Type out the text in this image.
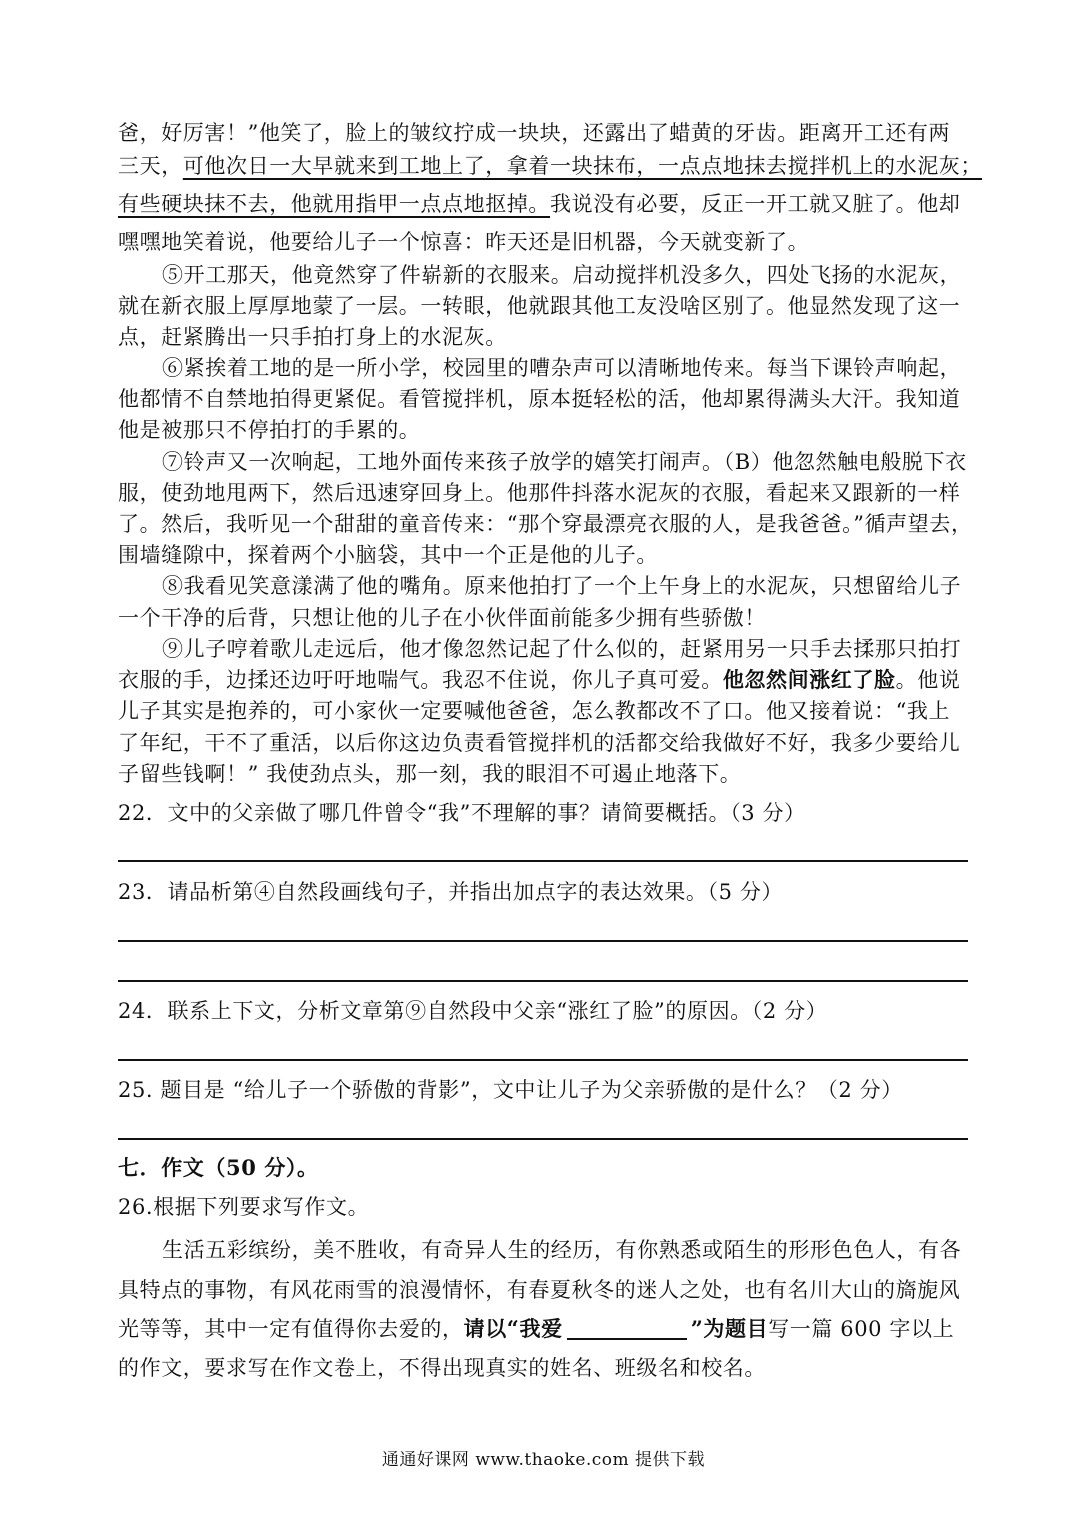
爸，好厉害！”他笑了，脸上的皱纹拧成一块块，还露出了蜡黄的牙齿。距离开工还有两
三天，可他次日一大早就来到工地上了，拿着一块抹布，一点点地抹去搅拌机上的水泥灰；
有些硬块抹不去，他就用指甲一点点地抠掉。我说没有必要，反正一开工就又脏了。他却
嘿嘿地笑着说，他要给儿子一个惊喜：昨天还是旧机器，今天就变新了。
⑤开工那天，他竟然穿了件崭新的衣服来。启动搅拌机没多久，四处飞扬的水泥灰，
就在新衣服上厚厚地蒙了一层。一转眼，他就跟其他工友没啥区别了。他显然发现了这一
点，赶紧腾出一只手拍打身上的水泥灰。
⑥紧挨着工地的是一所小学，校园里的嘈杂声可以清晰地传来。每当下课铃声响起，
他都情不自禁地拍得更紧促。看管搅拌机，原本挺轻松的活，他却累得满头大汗。我知道
他是被那只不停拍打的手累的。
⑦铃声又一次响起，工地外面传来孩子放学的嬉笑打闹声。（B）他忽然触电般脱下衣
服，使劲地甩两下，然后迅速穿回身上。他那件抖落水泥灰的衣服，看起来又跟新的一样
了。然后，我听见一个甜甜的童音传来：“那个穿最漂亮衣服的人，是我爸爸。”循声望去，
围墙缝隙中，探着两个小脑袋，其中一个正是他的儿子。
⑧我看见笑意漾满了他的嘴角。原来他拍打了一个上午身上的水泥灰，只想留给儿子
一个干净的后背，只想让他的儿子在小伙伴面前能多少拥有些骄傲！
⑨儿子哼着歌儿走远后，他才像忽然记起了什么似的，赶紧用另一只手去揉那只拍打
衣服的手，边揉还边吁吁地喘气。我忍不住说，你儿子真可爱。他忽然间涨红了脸。他说
儿子其实是抱养的，可小家伙一定要喊他爸爸，怎么教都改不了口。他又接着说：“我上
了年纪，干不了重活，以后你这边负责看管搅拌机的活都交给我做好不好，我多少要给儿
子留些钱啊！” 我使劲点头，那一刻，我的眼泪不可遏止地落下。
22．文中的父亲做了哪几件曾令“我”不理解的事？请简要概括。（3 分）
23．请品析第④自然段画线句子，并指出加点字的表达效果。（5 分）
24．联系上下文，分析文章第⑨自然段中父亲“涨红了脸”的原因。（2 分）
25. 题目是 “给儿子一个骄傲的背影”，文中让儿子为父亲骄傲的是什么？（2 分）
七．作文（50 分）。
26.根据下列要求写作文。
生活五彩缤纷，美不胜收，有奇异人生的经历，有你熟悉或陌生的形形色色人，有各
具特点的事物，有风花雨雪的浪漫情怀，有春夏秋冬的迷人之处，也有名川大山的旖旎风
光等等，其中一定有值得你去爱的，请以“我爱	”为题目写一篇 600 字以上
的作文，要求写在作文卷上，不得出现真实的姓名、班级名和校名。
通通好课网 www.thaoke.com 提供下载
